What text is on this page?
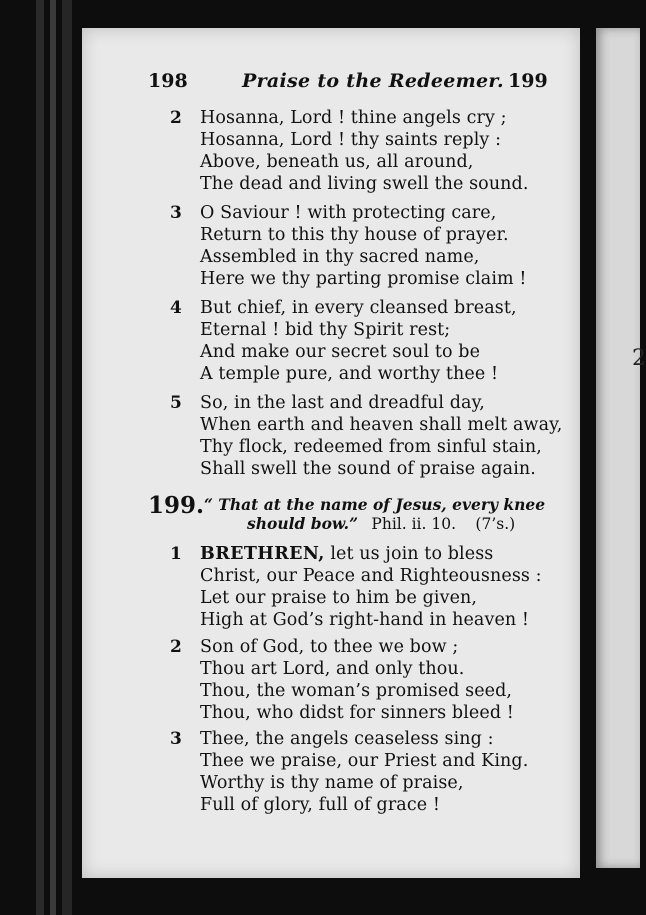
2
198	Praise to the Redeemer. 199
2 Hosanna, Lord ! thine angels cry ;
Hosanna, Lord ! thy saints reply :
Above, beneath us, all around,
The dead and living swell the sound.
3 O Saviour ! with protecting care,
Return to this thy house of prayer.
Assembled in thy sacred name,
Here we thy parting promise claim !
4 But chief, in every cleansed breast,
Eternal ! bid thy Spirit rest;
And make our secret soul to be
A temple pure, and worthy thee !
5 So, in the last and dreadful day,
When earth and heaven shall melt away,
Thy flock, redeemed from sinful stain,
Shall swell the sound of praise again.
199. “ That at the name of Jesus, every knee
should bow.” Phil. ii. 10. (7’s.)
1 BRETHREN, let us join to bless
Christ, our Peace and Righteousness :
Let our praise to him be given,
High at God’s right-hand in heaven !
2 Son of God, to thee we bow ;
Thou art Lord, and only thou.
Thou, the woman’s promised seed,
Thou, who didst for sinners bleed !
3 Thee, the angels ceaseless sing :
Thee we praise, our Priest and King.
Worthy is thy name of praise,
Full of glory, full of grace !
